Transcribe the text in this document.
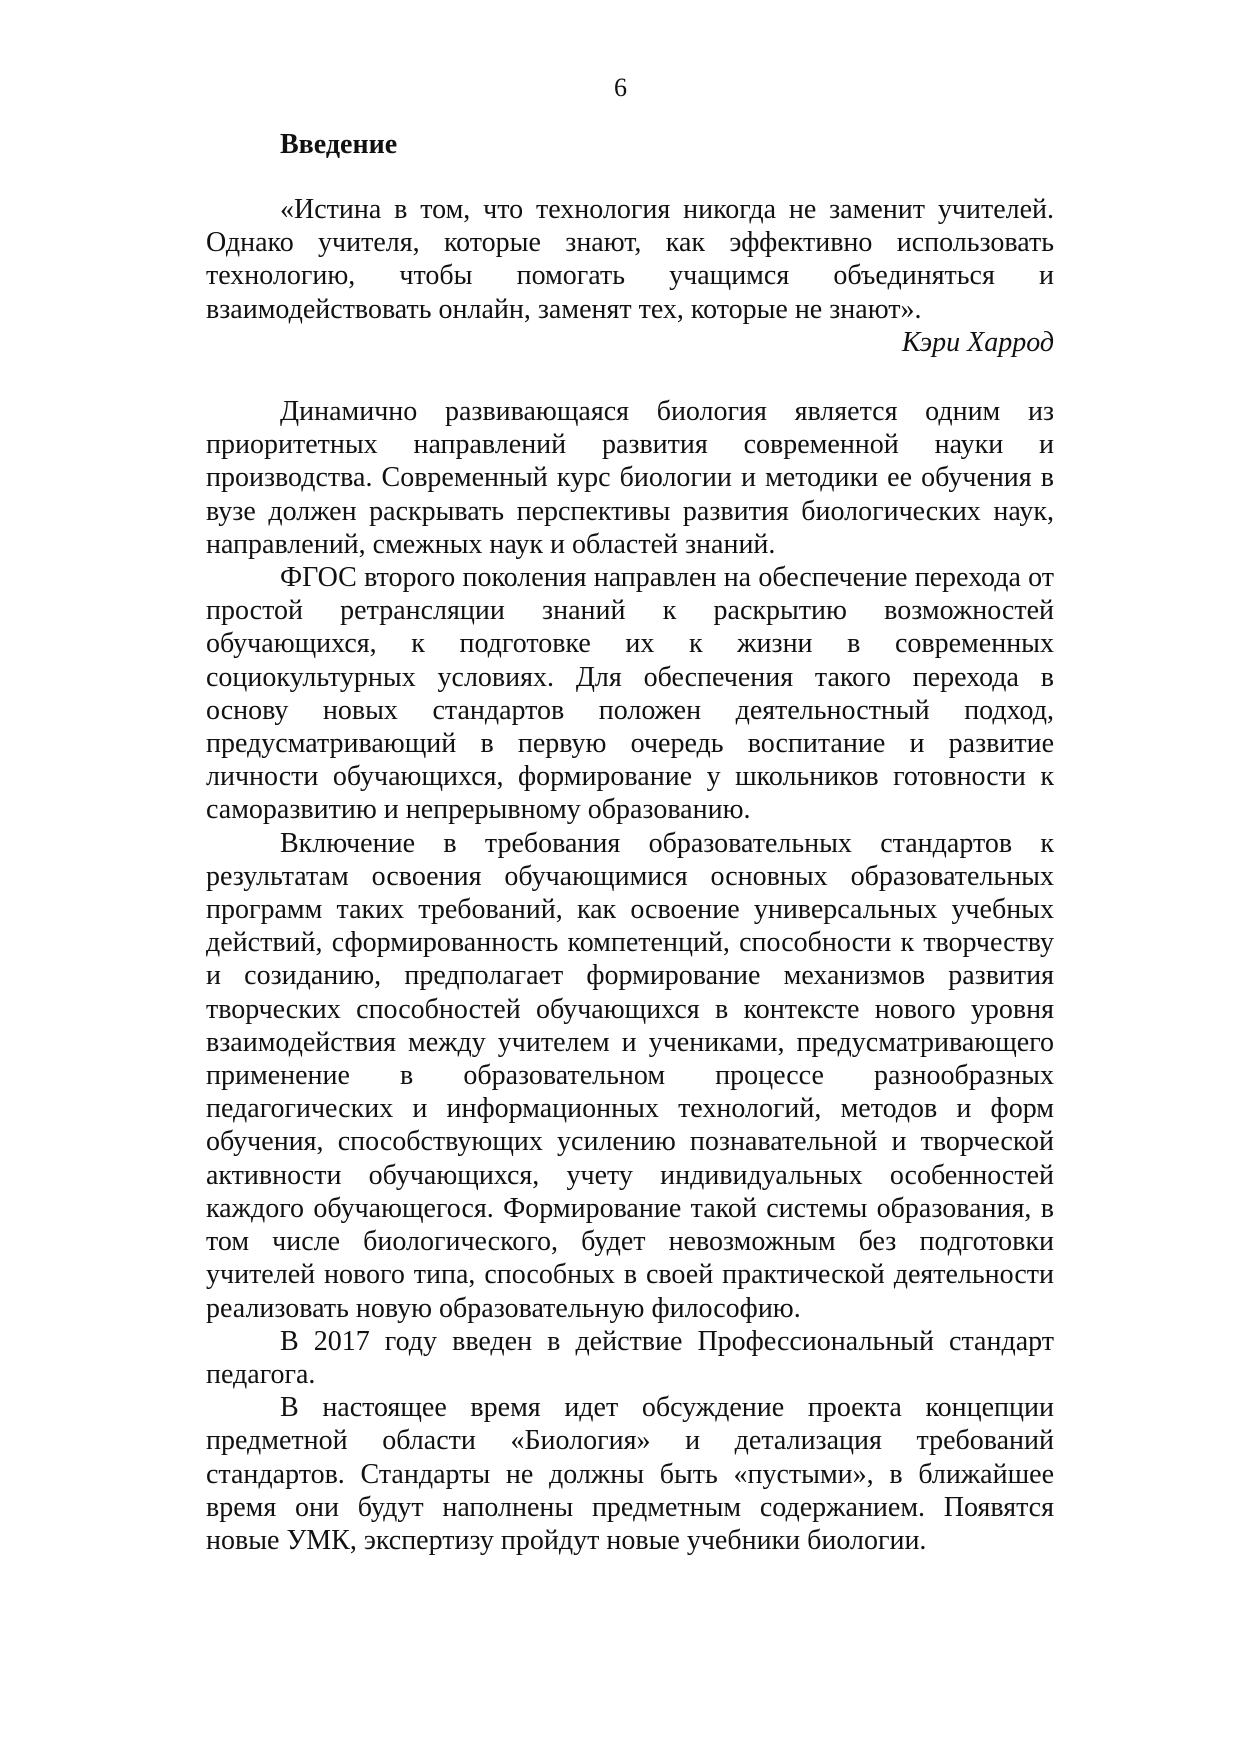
6
Введение

«Истина в том, что технология никогда не заменит учителей. Однако учителя, которые знают, как эффективно использовать технологию, чтобы помогать учащимся объединяться и взаимодействовать онлайн, заменят тех, которые не знают».

Кэри Харрод

Динамично развивающаяся биология является одним из приоритетных направлений развития современной науки и производства. Современный курс биологии и методики ее обучения в вузе должен раскрывать перспективы развития биологических наук, направлений, смежных наук и областей знаний.

ФГОС второго поколения направлен на обеспечение перехода от простой ретрансляции знаний к раскрытию возможностей обучающихся, к подготовке их к жизни в современных социокультурных условиях. Для обеспечения такого перехода в основу новых стандартов положен деятельностный подход, предусматривающий в первую очередь воспитание и развитие личности обучающихся, формирование у школьников готовности к саморазвитию и непрерывному образованию.

Включение в требования образовательных стандартов к результатам освоения обучающимися основных образовательных программ таких требований, как освоение универсальных учебных действий, сформированность компетенций, способности к творчеству и созиданию, предполагает формирование механизмов развития творческих способностей обучающихся в контексте нового уровня взаимодействия между учителем и учениками, предусматривающего применение в образовательном процессе разнообразных педагогических и информационных технологий, методов и форм обучения, способствующих усилению познавательной и творческой активности обучающихся, учету индивидуальных особенностей каждого обучающегося. Формирование такой системы образования, в том числе биологического, будет невозможным без подготовки учителей нового типа, способных в своей практической деятельности реализовать новую образовательную философию.

В 2017 году введен в действие Профессиональный стандарт педагога.

В настоящее время идет обсуждение проекта концепции предметной области «Биология» и детализация требований стандартов. Стандарты не должны быть «пустыми», в ближайшее время они будут наполнены предметным содержанием. Появятся новые УМК, экспертизу пройдут новые учебники биологии.
